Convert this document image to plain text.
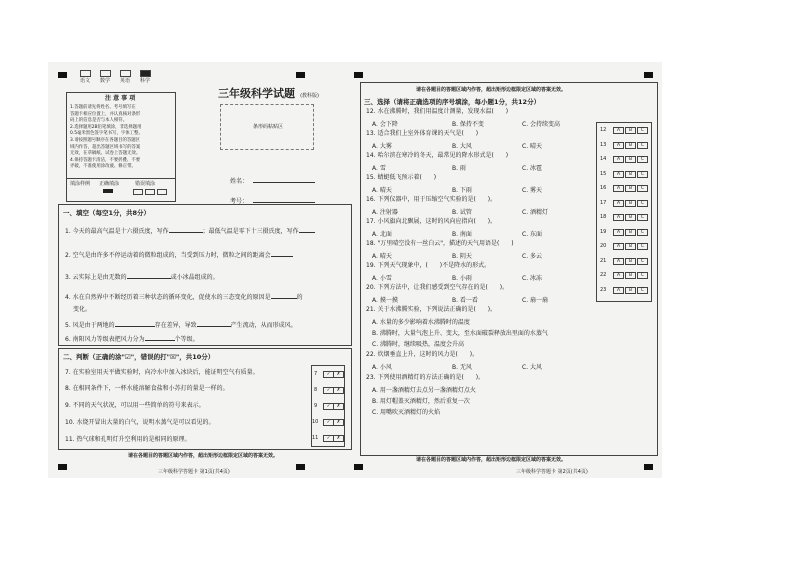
语文 数学 英语 科学
三年级科学试题 (教科版)
注 意 事 项
1.答题前请先将姓名、考号填写在
答题卡相应位置上，并认真核对条形
码上的信息是否与本人相符。
2.选择题用2B铅笔填涂，非选择题用
0.5毫米黑色签字笔书写，字体工整。
3.请按照题号顺序在各题目的答题区
域内作答，超出答题区域书写的答案
无效，在草稿纸、试卷上答题无效。
4.保持答题卡清洁，不要折叠、不要
弄破，不准使用涂改液、修正带。
填涂样例 正确填涂	错误填涂
条形码粘贴区
姓名：
考号：
一、填空（每空1分，共8分）
1. 今天的最高气温是十六摄氏度，写作	；最低气温是零下十三摄氏度，写作
2. 空气是由许多不停运动着的微粒组成的，当受到压力时，微粒之间的距离会
3. 云实际上是由无数的	或小冰晶组成的。
4. 水在自然界中不断经历着三种状态的循环变化，促使水的三态变化的原因是	的
变化。
5. 风是由于两地的	存在差异，导致	产生流动，从而形成风。
6. 南阳风力等级表把风力分为	个等级。
二、判断（正确的涂"☑"，错误的打"☒"，共10分）
7. 在实验室用天平做实验时，向冷水中加入冰块后，能证明空气有质量。
8. 在相同条件下，一杯水能溶解食盐和小苏打的量是一样的。
9. 不同的天气状况，可以用一些简单的符号来表示。
10. 水烧开冒出大量的白气，说明水蒸气是可以看见的。
11. 热气球和孔明灯升空利用的是相同的原理。
7	✓	✗
8	✓	✗
9	✓	✗
10	✓	✗
11	✓	✗
请在各题目的答题区域内作答，超出矩形边框限定区域的答案无效。
三年级科学答题卡 第1页(共4页)
请在各题目的答题区域内作答，超出矩形边框限定区域的答案无效。
三、选择（请将正确选项的序号填涂，每小题1分，共12分）
12. 水在沸腾时，我们用温度计测量，发现水温(　　)
A. 会下降	B. 保持不变	C. 会持续变高
13. 适合我们上室外体育课的天气是(　　)
A. 大雾	B. 大风	C. 晴天
14. 哈尔滨在寒冷的冬天，最常见的降水形式是(　　)
A. 雪	B. 雨	C. 冰雹
15. 蜻蜓低飞预示着(　　)
A. 晴天	B. 下雨	C. 雾天
16. 下列仪器中，用于压缩空气实验的是(　　)。
A. 注射器	B. 试管	C. 酒精灯
17. 小风旗向北飘展，这时的风向应指向(　　)。
A. 北面	B. 南面	C. 东面
18. "万里晴空没有一丝白云"，描述的天气用语是(　　)
A. 晴天	B. 阴天	C. 多云
19. 下列天气现象中，(　　)不是降水的形式。
A. 小雪	B. 小雨	C. 冰冻
20. 下列方法中，让我们感受到空气存在的是(　　)。
A. 摸一摸	B. 看一看	C. 扇一扇
21. 关于水沸腾实验，下列说法正确的是(　　)。
A. 水量的多少影响着水沸腾时的温度
B. 沸腾时，大量气泡上升、变大，至水面破裂释放出里面的水蒸气
C. 沸腾时，继续吸热，温度会升高
22. 炊烟垂直上升，这时的风力是(　　)。
A. 小风	B. 无风	C. 大风
23. 下列使用酒精灯的方法正确的是(　　)。
A. 用一盏酒精灯去点另一盏酒精灯点火
B. 用灯帽盖灭酒精灯，然后重复一次
C. 用嘴吹灭酒精灯的火焰
12	A	B	C
13	A	B	C
14	A	B	C
15	A	B	C
16	A	B	C
17	A	B	C
18	A	B	C
19	A	B	C
20	A	B	C
21	A	B	C
22	A	B	C
23	A	B	C
请在各题目的答题区域内作答，超出矩形边框限定区域的答案无效。
三年级科学答题卡 第2页(共4页)
